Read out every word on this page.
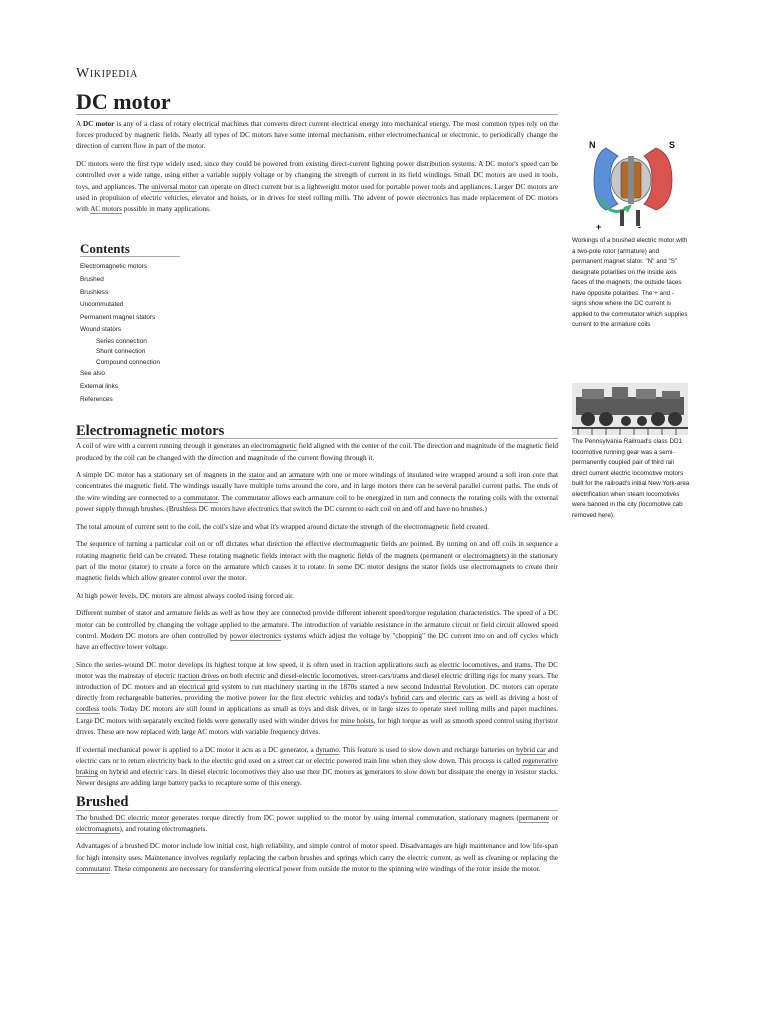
Wikipedia
DC motor

A DC motor is any of a class of rotary electrical machines that converts direct current electrical energy into mechanical energy. The most common types rely on the forces produced by magnetic fields. Nearly all types of DC motors have some internal mechanism, either electromechanical or electronic, to periodically change the direction of current flow in part of the motor.

DC motors were the first type widely used, since they could be powered from existing direct-current lighting power distribution systems. A DC motor's speed can be controlled over a wide range, using either a variable supply voltage or by changing the strength of current in its field windings. Small DC motors are used in tools, toys, and appliances. The universal motor can operate on direct current but is a lightweight motor used for portable power tools and appliances. Larger DC motors are used in propulsion of electric vehicles, elevator and hoists, or in drives for steel rolling mills. The advent of power electronics has made replacement of DC motors with AC motors possible in many applications.

Contents
Electromagnetic motors
Brushed
Brushless
Uncommutated
Permanent magnet stators
Wound stators
Series connection
Shunt connection
Compound connection
See also
External links
References
Electromagnetic motors

A coil of wire with a current running through it generates an electromagnetic field aligned with the center of the coil. The direction and magnitude of the magnetic field produced by the coil can be changed with the direction and magnitude of the current flowing through it.

A simple DC motor has a stationary set of magnets in the stator and an armature with one or more windings of insulated wire wrapped around a soft iron core that concentrates the magnetic field. The windings usually have multiple turns around the core, and in large motors there can be several parallel current paths. The ends of the wire winding are connected to a commutator. The commutator allows each armature coil to be energized in turn and connects the rotating coils with the external power supply through brushes. (Brushless DC motors have electronics that switch the DC current to each coil on and off and have no brushes.)

The total amount of current sent to the coil, the coil's size and what it's wrapped around dictate the strength of the electromagnetic field created.

The sequence of turning a particular coil on or off dictates what direction the effective electromagnetic fields are pointed. By turning on and off coils in sequence a rotating magnetic field can be created. These rotating magnetic fields interact with the magnetic fields of the magnets (permanent or electromagnets) in the stationary part of the motor (stator) to create a force on the armature which causes it to rotate. In some DC motor designs the stator fields use electromagnets to create their magnetic fields which allow greater control over the motor.

At high power levels, DC motors are almost always cooled using forced air.

Different number of stator and armature fields as well as how they are connected provide different inherent speed/torque regulation characteristics. The speed of a DC motor can be controlled by changing the voltage applied to the armature. The introduction of variable resistance in the armature circuit or field circuit allowed speed control. Modern DC motors are often controlled by power electronics systems which adjust the voltage by "chopping" the DC current into on and off cycles which have an effective lower voltage.

Since the series-wound DC motor develops its highest torque at low speed, it is often used in traction applications such as electric locomotives, and trams. The DC motor was the mainstay of electric traction drives on both electric and diesel-electric locomotives, street-cars/trams and diesel electric drilling rigs for many years. The introduction of DC motors and an electrical grid system to run machinery starting in the 1870s started a new second Industrial Revolution. DC motors can operate directly from rechargeable batteries, providing the motive power for the first electric vehicles and today's hybrid cars and electric cars as well as driving a host of cordless tools. Today DC motors are still found in applications as small as toys and disk drives, or in large sizes to operate steel rolling mills and paper machines. Large DC motors with separately excited fields were generally used with winder drives for mine hoists, for high torque as well as smooth speed control using thyristor drives. These are now replaced with large AC motors with variable frequency drives.

If external mechanical power is applied to a DC motor it acts as a DC generator, a dynamo. This feature is used to slow down and recharge batteries on hybrid car and electric cars or to return electricity back to the electric grid used on a street car or electric powered train line when they slow down. This process is called regenerative braking on hybrid and electric cars. In diesel electric locomotives they also use their DC motors as generators to slow down but dissipate the energy in resistor stacks. Newer designs are adding large battery packs to recapture some of this energy.

Brushed

The brushed DC electric motor generates torque directly from DC power supplied to the motor by using internal commutation, stationary magnets (permanent or electromagnets), and rotating electromagnets.

Advantages of a brushed DC motor include low initial cost, high reliability, and simple control of motor speed. Disadvantages are high maintenance and low life-span for high intensity uses. Maintenance involves regularly replacing the carbon brushes and springs which carry the electric current, as well as cleaning or replacing the commutator. These components are necessary for transferring electrical power from outside the motor to the spinning wire windings of the rotor inside the motor.

N	S
+	-
Workings of a brushed electric motor with a two-pole rotor (armature) and permanent magnet stator. "N" and "S" designate polarities on the inside axis faces of the magnets; the outside faces have opposite polarities. The + and - signs show where the DC current is applied to the commutator which supplies current to the armature coils
The Pennsylvania Railroad's class DD1 locomotive running gear was a semi-permanently coupled pair of third rail direct current electric locomotive motors built for the railroad's initial New York-area electrification when steam locomotives were banned in the city (locomotive cab removed here).
